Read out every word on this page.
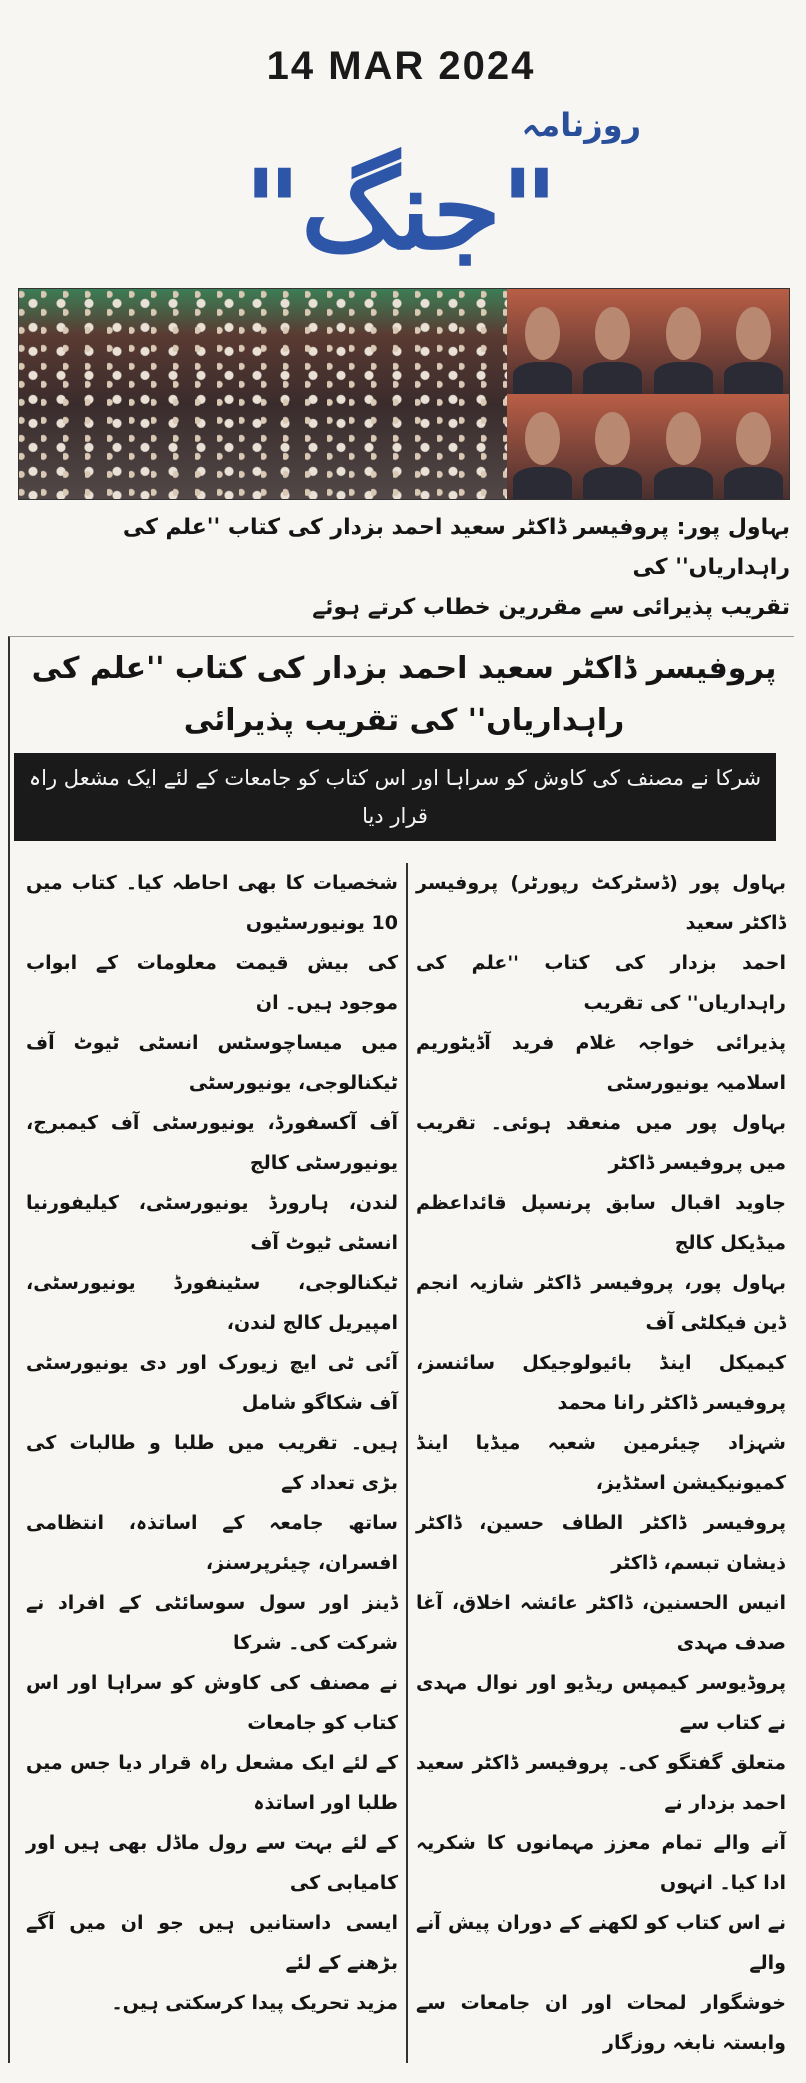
14 MAR 2024
روزنامہ
"جنگ"
بہاول پور: پروفیسر ڈاکٹر سعید احمد بزدار کی کتاب ''علم کی راہداریاں'' کی
تقریب پذیرائی سے مقررین خطاب کرتے ہوئے
پروفیسر ڈاکٹر سعید احمد بزدار کی کتاب ''علم کی راہداریاں'' کی تقریب پذیرائی
شرکا نے مصنف کی کاوش کو سراہا اور اس کتاب کو جامعات کے لئے ایک مشعل راہ قرار دیا
بہاول پور (ڈسٹرکٹ رپورٹر) پروفیسر ڈاکٹر سعید
احمد بزدار کی کتاب ''علم کی راہداریاں'' کی تقریب
پذیرائی خواجہ غلام فرید آڈیٹوریم اسلامیہ یونیورسٹی
بہاول پور میں منعقد ہوئی۔ تقریب میں پروفیسر ڈاکٹر
جاوید اقبال سابق پرنسپل قائداعظم میڈیکل کالج
بہاول پور، پروفیسر ڈاکٹر شازیہ انجم ڈین فیکلٹی آف
کیمیکل اینڈ بائیولوجیکل سائنسز، پروفیسر ڈاکٹر رانا محمد
شہزاد چیئرمین شعبہ میڈیا اینڈ کمیونیکیشن اسٹڈیز،
پروفیسر ڈاکٹر الطاف حسین، ڈاکٹر ذیشان تبسم، ڈاکٹر
انیس الحسنین، ڈاکٹر عائشہ اخلاق، آغا صدف مہدی
پروڈیوسر کیمپس ریڈیو اور نوال مہدی نے کتاب سے
متعلق گفتگو کی۔ پروفیسر ڈاکٹر سعید احمد بزدار نے
آنے والے تمام معزز مہمانوں کا شکریہ ادا کیا۔ انہوں
نے اس کتاب کو لکھنے کے دوران پیش آنے والے
خوشگوار لمحات اور ان جامعات سے وابستہ نابغہ روزگار
شخصیات کا بھی احاطہ کیا۔ کتاب میں 10 یونیورسٹیوں
کی بیش قیمت معلومات کے ابواب موجود ہیں۔ ان
میں میساچوسٹس انسٹی ٹیوٹ آف ٹیکنالوجی، یونیورسٹی
آف آکسفورڈ، یونیورسٹی آف کیمبرج، یونیورسٹی کالج
لندن، ہارورڈ یونیورسٹی، کیلیفورنیا انسٹی ٹیوٹ آف
ٹیکنالوجی، سٹینفورڈ یونیورسٹی، امپیریل کالج لندن،
آئی ٹی ایچ زیورک اور دی یونیورسٹی آف شکاگو شامل
ہیں۔ تقریب میں طلبا و طالبات کی بڑی تعداد کے
ساتھ جامعہ کے اساتذہ، انتظامی افسران، چیئرپرسنز،
ڈینز اور سول سوسائٹی کے افراد نے شرکت کی۔ شرکا
نے مصنف کی کاوش کو سراہا اور اس کتاب کو جامعات
کے لئے ایک مشعل راہ قرار دیا جس میں طلبا اور اساتذہ
کے لئے بہت سے رول ماڈل بھی ہیں اور کامیابی کی
ایسی داستانیں ہیں جو ان میں آگے بڑھنے کے لئے
مزید تحریک پیدا کرسکتی ہیں۔
